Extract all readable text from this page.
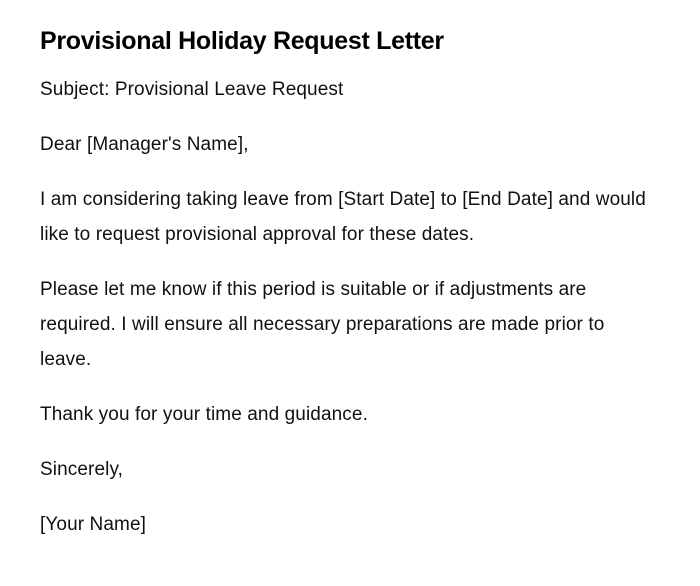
Provisional Holiday Request Letter

Subject: Provisional Leave Request

Dear [Manager's Name],

I am considering taking leave from [Start Date] to [End Date] and would like to request provisional approval for these dates.

Please let me know if this period is suitable or if adjustments are required. I will ensure all necessary preparations are made prior to leave.

Thank you for your time and guidance.

Sincerely,

[Your Name]
